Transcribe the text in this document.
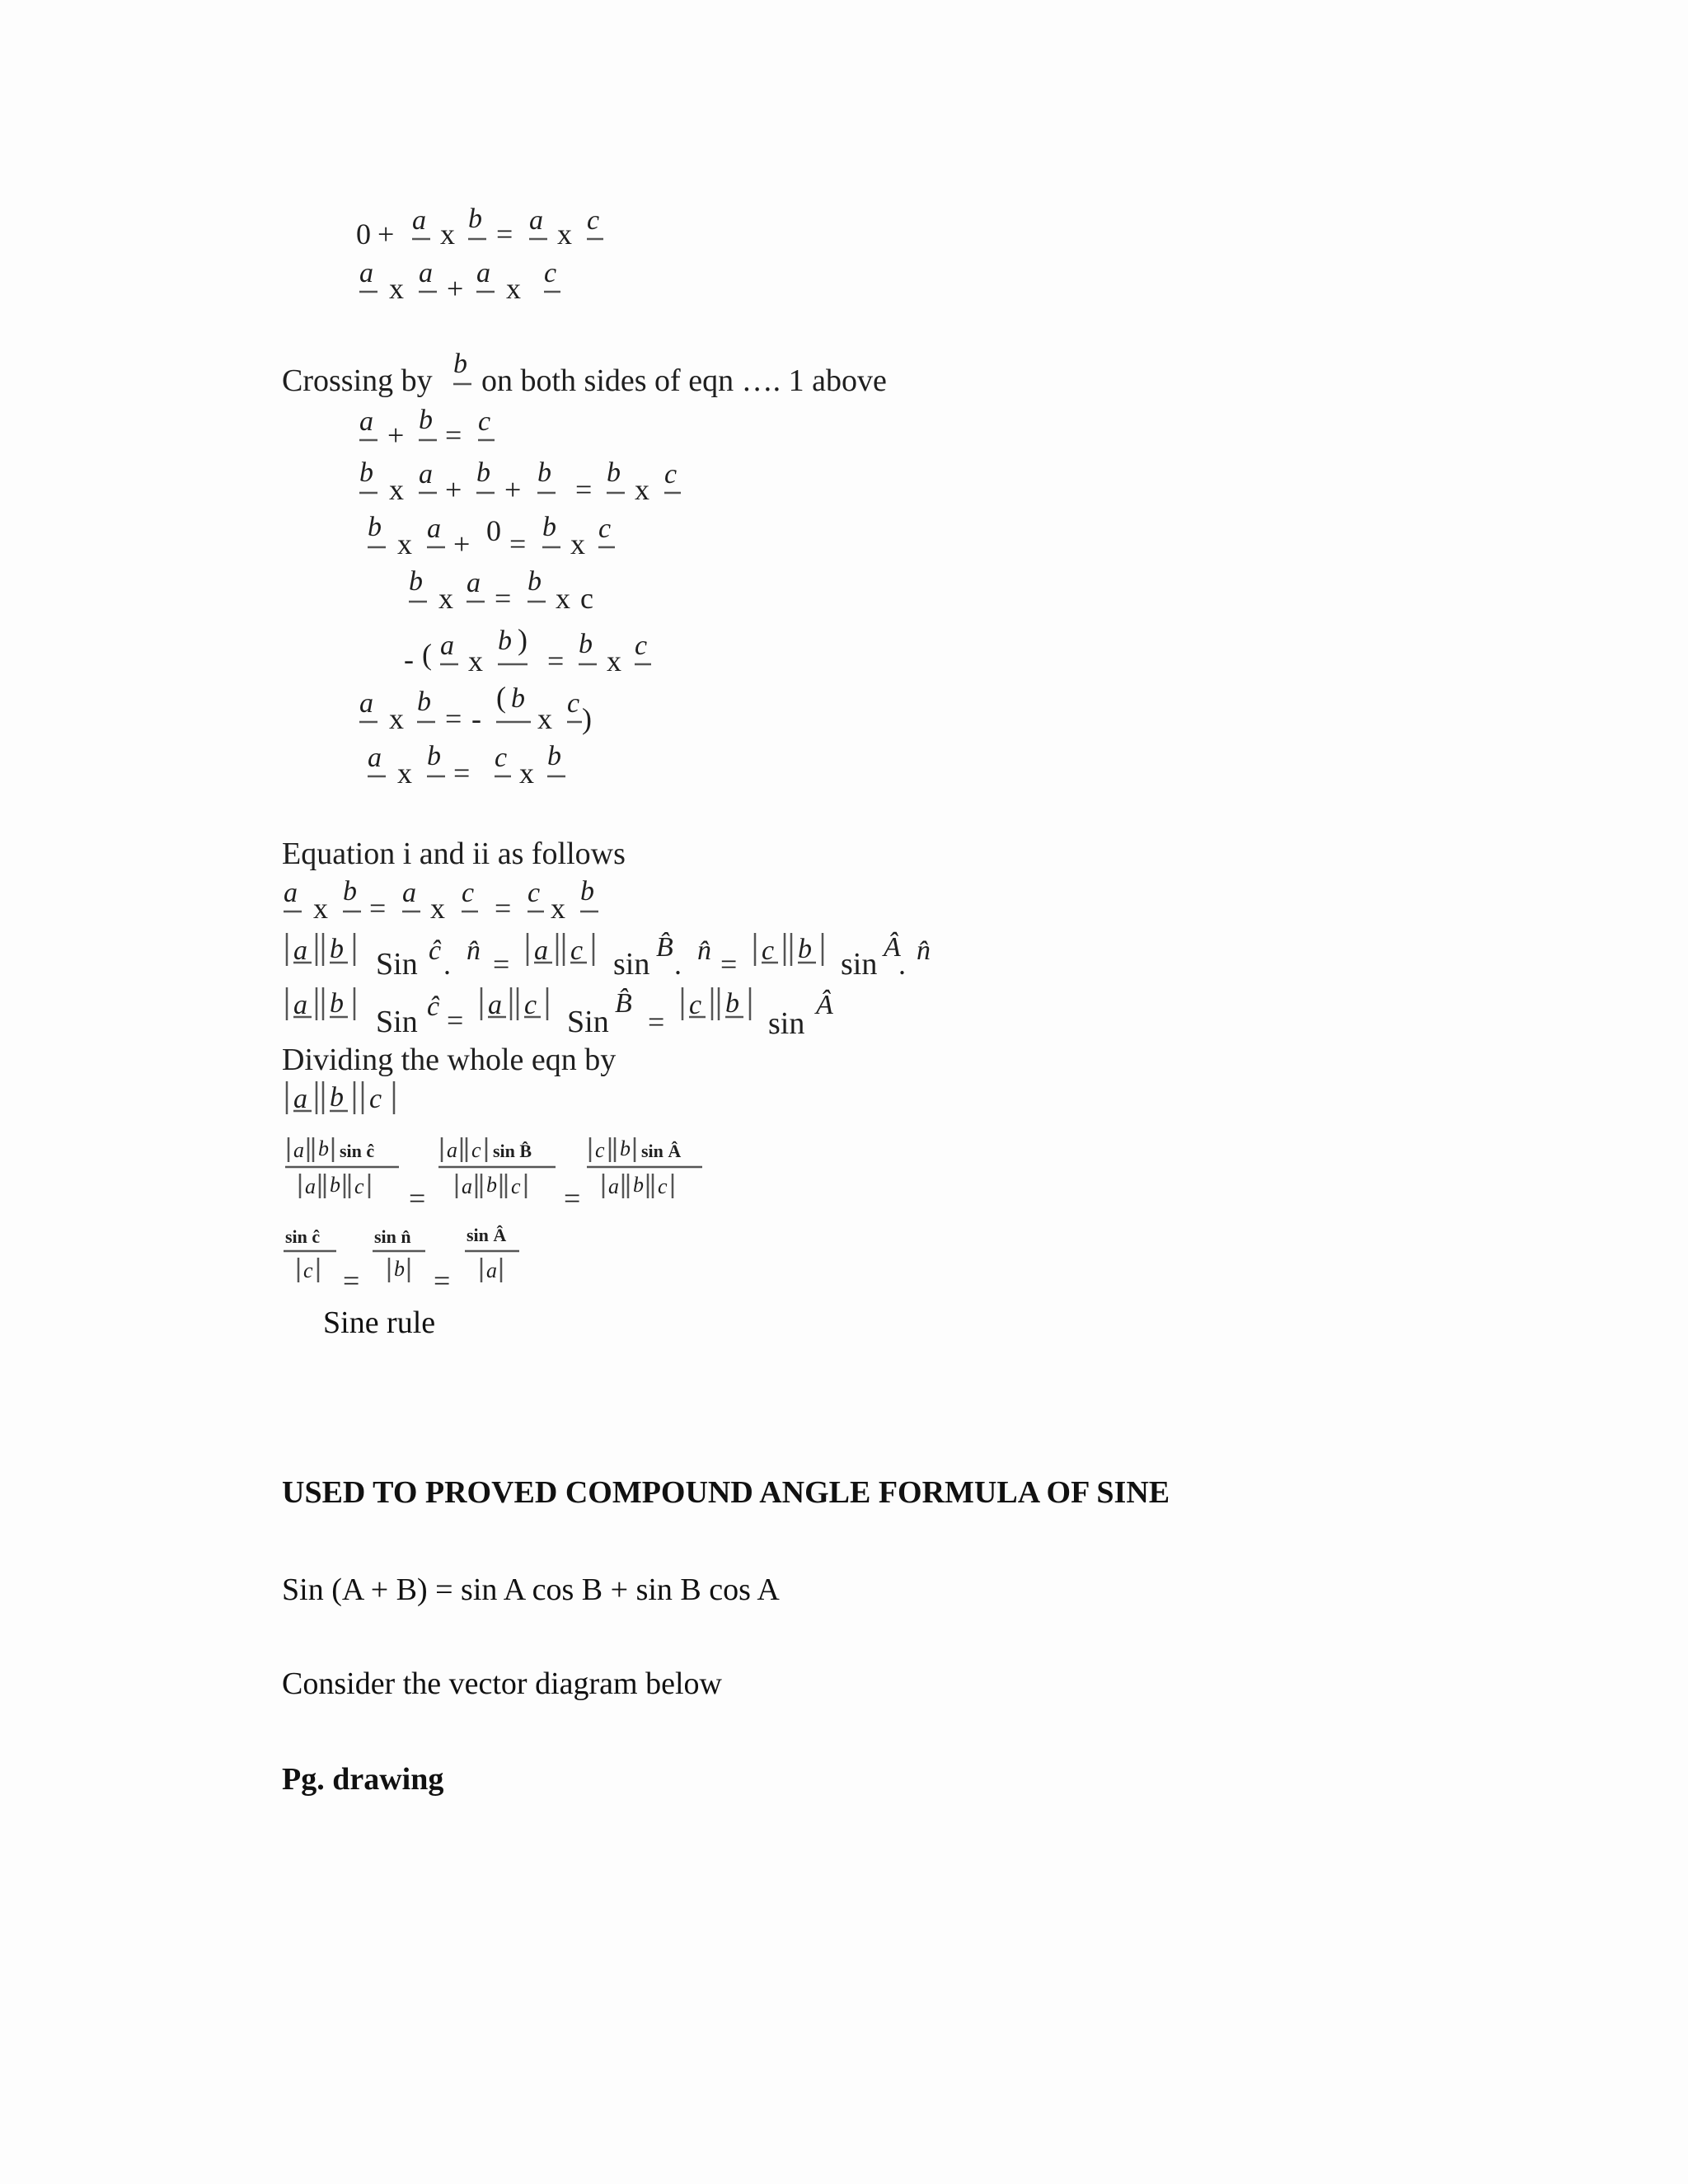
0 + a x b = a x c
a x a + a x c
Crossing by b on both sides of eqn …. 1 above
a + b = c
b
x a +
b
+
b
=
b
x c
b
x a + 0 =
b
x c
b
x a =
b
x c
- ( a x
b )
=
b
x c
a x
b
= -
( b
x c )
a x
b
= c x
b
Equation i and ii as follows
a x
b
= a x c = c x
b
a b Sin ĉ . n̂ = a c sin B̂
. n̂ = c b sin Â
. n̂
a b
Sin ĉ = a c Sin
B̂
=
c b
sin
Â
Dividing the whole eqn by
a b c
a b sin ĉ
a b c =
a c sin B̂
a b c =
c b sin Â
a b c
sin ĉ
c =
sin n̂
b =
sin Â
a
Sine rule
USED TO PROVED COMPOUND ANGLE FORMULA OF SINE
Sin (A + B) = sin A cos B + sin B cos A
Consider the vector diagram below
Pg. drawing
